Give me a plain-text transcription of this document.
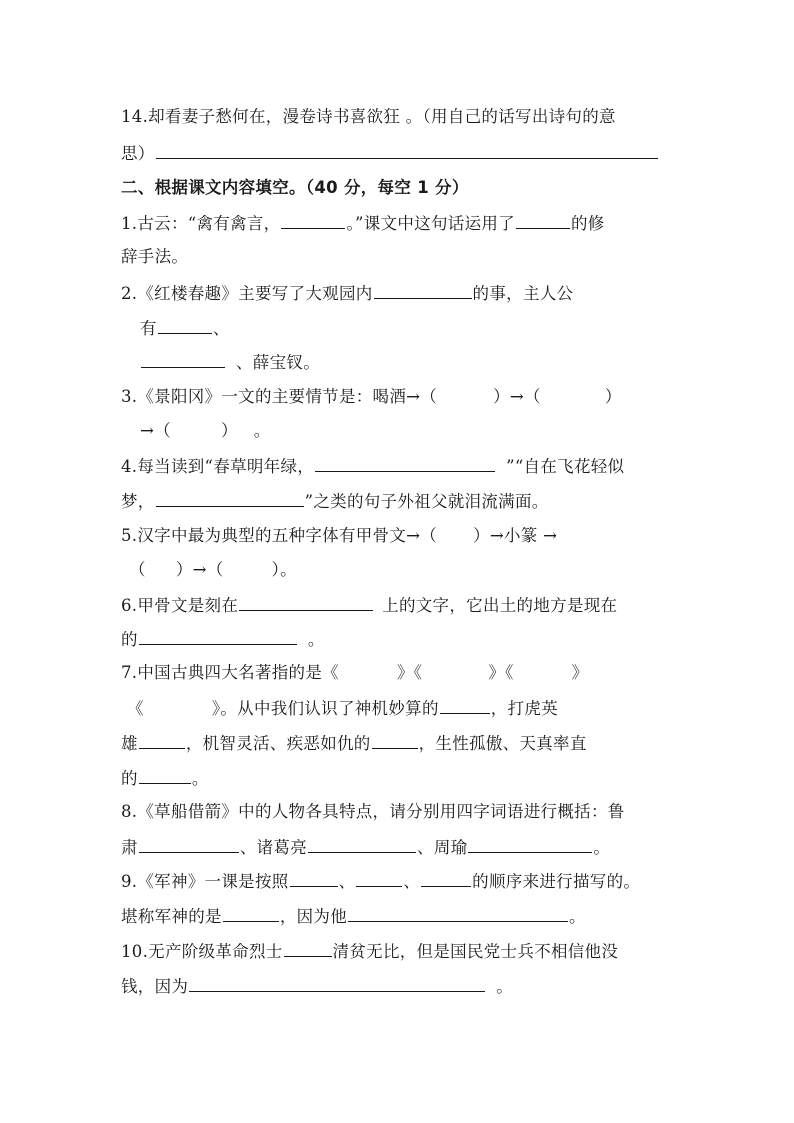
14.却看妻子愁何在，漫卷诗书喜欲狂 。（用自己的话写出诗句的意
思）
二、根据课文内容填空。（40 分，每空 1 分）
1.古云：“禽有禽言，	。”课文中这句话运用了	的修
辞手法。
2.《红楼春趣》主要写了大观园内	的事，主人公
有	、
、薛宝钗。
3.《景阳冈》一文的主要情节是：喝酒→（	）→（	）
→（	） 。
4.每当读到“春草明年绿，	”“自在飞花轻似
梦，	”之类的句子外祖父就泪流满面。
5.汉字中最为典型的五种字体有甲骨文→（ ）→小篆 →
（ ）→（	）。
6.甲骨文是刻在	上的文字，它出土的地方是现在
的	。
7.中国古典四大名著指的是《	》《	》《	》
《	》。从中我们认识了神机妙算的	，打虎英
雄	，机智灵活、疾恶如仇的	，生性孤傲、天真率直
的	。
8.《草船借箭》中的人物各具特点，请分别用四字词语进行概括：鲁
肃	、诸葛亮	、周瑜	。
9.《军神》一课是按照	、	、	的顺序来进行描写的。
堪称军神的是	，因为他	。
10.无产阶级革命烈士	清贫无比，但是国民党士兵不相信他没
钱，因为	。
